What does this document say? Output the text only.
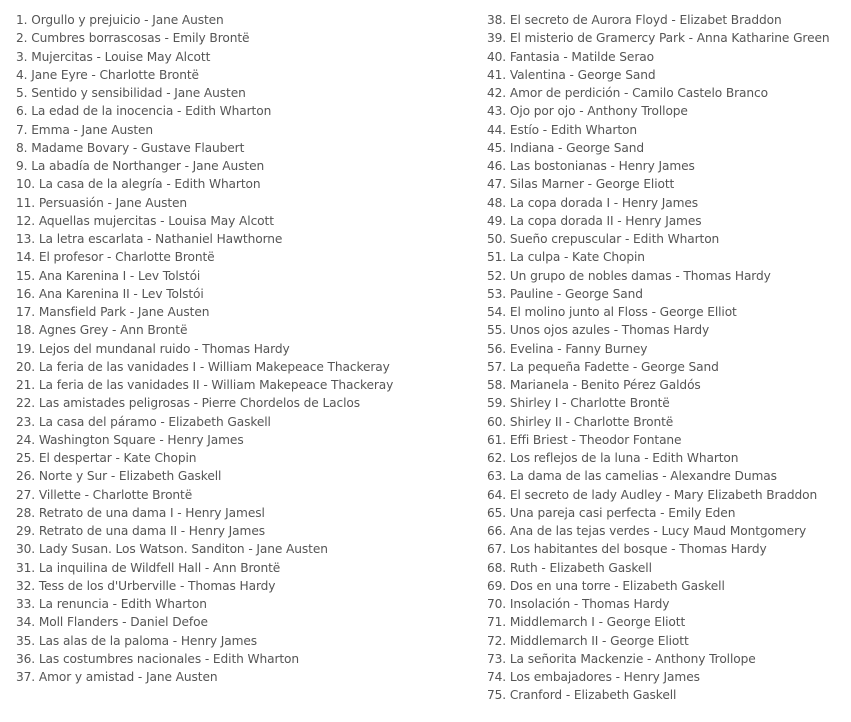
1. Orgullo y prejuicio - Jane Austen
2. Cumbres borrascosas - Emily Brontë
3. Mujercitas - Louise May Alcott
4. Jane Eyre - Charlotte Brontë
5. Sentido y sensibilidad - Jane Austen
6. La edad de la inocencia - Edith Wharton
7. Emma - Jane Austen
8. Madame Bovary - Gustave Flaubert
9. La abadía de Northanger - Jane Austen
10. La casa de la alegría - Edith Wharton
11. Persuasión - Jane Austen
12. Aquellas mujercitas - Louisa May Alcott
13. La letra escarlata - Nathaniel Hawthorne
14. El profesor - Charlotte Brontë
15. Ana Karenina I - Lev Tolstói
16. Ana Karenina II - Lev Tolstói
17. Mansfield Park - Jane Austen
18. Agnes Grey - Ann Brontë
19. Lejos del mundanal ruido - Thomas Hardy
20. La feria de las vanidades I - William Makepeace Thackeray
21. La feria de las vanidades II - William Makepeace Thackeray
22. Las amistades peligrosas - Pierre Chordelos de Laclos
23. La casa del páramo - Elizabeth Gaskell
24. Washington Square - Henry James
25. El despertar - Kate Chopin
26. Norte y Sur - Elizabeth Gaskell
27. Villette - Charlotte Brontë
28. Retrato de una dama I - Henry Jamesl
29. Retrato de una dama II - Henry James
30. Lady Susan. Los Watson. Sanditon - Jane Austen
31. La inquilina de Wildfell Hall - Ann Brontë
32. Tess de los d'Urberville - Thomas Hardy
33. La renuncia - Edith Wharton
34. Moll Flanders - Daniel Defoe
35. Las alas de la paloma - Henry James
36. Las costumbres nacionales - Edith Wharton
37. Amor y amistad - Jane Austen
38. El secreto de Aurora Floyd - Elizabet Braddon
39. El misterio de Gramercy Park - Anna Katharine Green
40. Fantasia - Matilde Serao
41. Valentina - George Sand
42. Amor de perdición - Camilo Castelo Branco
43. Ojo por ojo - Anthony Trollope
44. Estío - Edith Wharton
45. Indiana - George Sand
46. Las bostonianas - Henry James
47. Silas Marner - George Eliott
48. La copa dorada I - Henry James
49. La copa dorada II - Henry James
50. Sueño crepuscular - Edith Wharton
51. La culpa - Kate Chopin
52. Un grupo de nobles damas - Thomas Hardy
53. Pauline - George Sand
54. El molino junto al Floss - George Elliot
55. Unos ojos azules - Thomas Hardy
56. Evelina - Fanny Burney
57. La pequeña Fadette - George Sand
58. Marianela - Benito Pérez Galdós
59. Shirley I - Charlotte Brontë
60. Shirley II - Charlotte Brontë
61. Effi Briest - Theodor Fontane
62. Los reflejos de la luna - Edith Wharton
63. La dama de las camelias - Alexandre Dumas
64. El secreto de lady Audley - Mary Elizabeth Braddon
65. Una pareja casi perfecta - Emily Eden
66. Ana de las tejas verdes - Lucy Maud Montgomery
67. Los habitantes del bosque - Thomas Hardy
68. Ruth - Elizabeth Gaskell
69. Dos en una torre - Elizabeth Gaskell
70. Insolación - Thomas Hardy
71. Middlemarch I - George Eliott
72. Middlemarch II - George Eliott
73. La señorita Mackenzie - Anthony Trollope
74. Los embajadores - Henry James
75. Cranford - Elizabeth Gaskell
